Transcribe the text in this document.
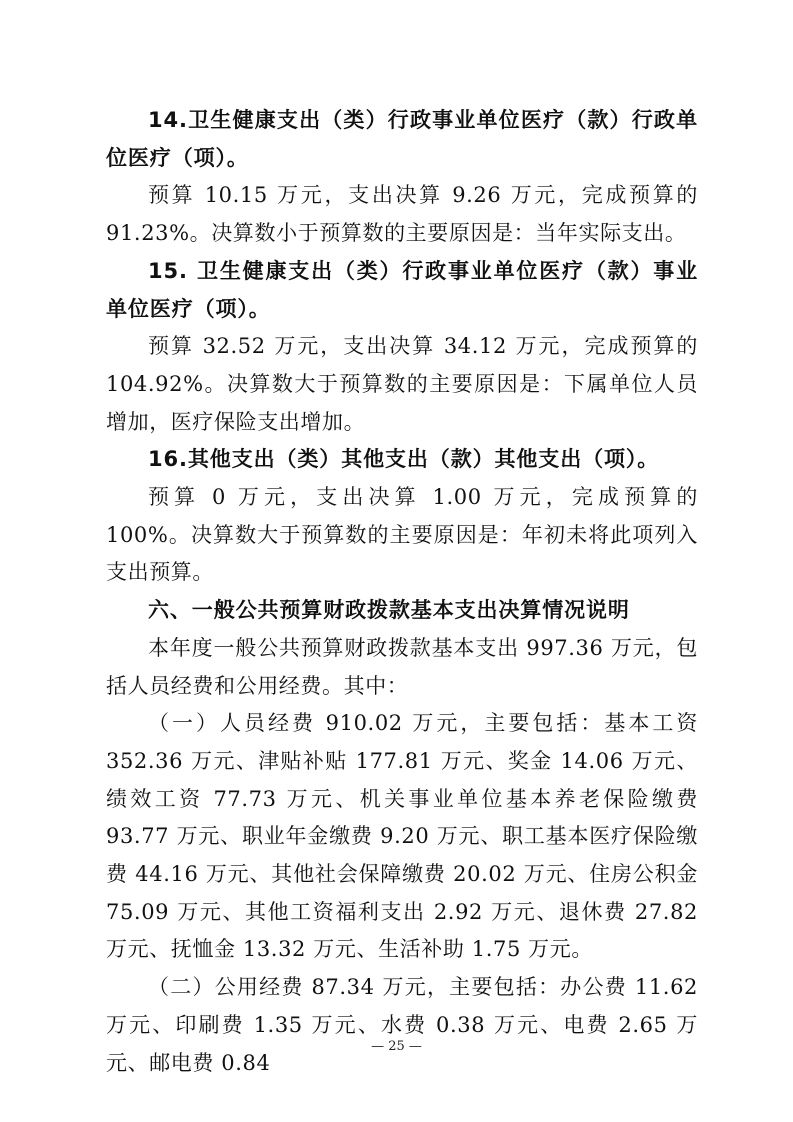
14.卫生健康支出（类）行政事业单位医疗（款）行政单位医疗（项）。

预算 10.15 万元，支出决算 9.26 万元，完成预算的 91.23%。决算数小于预算数的主要原因是：当年实际支出。

15. 卫生健康支出（类）行政事业单位医疗（款）事业单位医疗（项）。

预算 32.52 万元，支出决算 34.12 万元，完成预算的 104.92%。决算数大于预算数的主要原因是：下属单位人员增加，医疗保险支出增加。

16.其他支出（类）其他支出（款）其他支出（项）。

预算 0 万元，支出决算 1.00 万元，完成预算的 100%。决算数大于预算数的主要原因是：年初未将此项列入支出预算。

六、一般公共预算财政拨款基本支出决算情况说明

本年度一般公共预算财政拨款基本支出 997.36 万元，包括人员经费和公用经费。其中：

（一）人员经费 910.02 万元，主要包括：基本工资 352.36 万元、津贴补贴 177.81 万元、奖金 14.06 万元、绩效工资 77.73 万元、机关事业单位基本养老保险缴费 93.77 万元、职业年金缴费 9.20 万元、职工基本医疗保险缴费 44.16 万元、其他社会保障缴费 20.02 万元、住房公积金 75.09 万元、其他工资福利支出 2.92 万元、退休费 27.82 万元、抚恤金 13.32 万元、生活补助 1.75 万元。

（二）公用经费 87.34 万元，主要包括：办公费 11.62 万元、印刷费 1.35 万元、水费 0.38 万元、电费 2.65 万元、邮电费 0.84

— 25 —
